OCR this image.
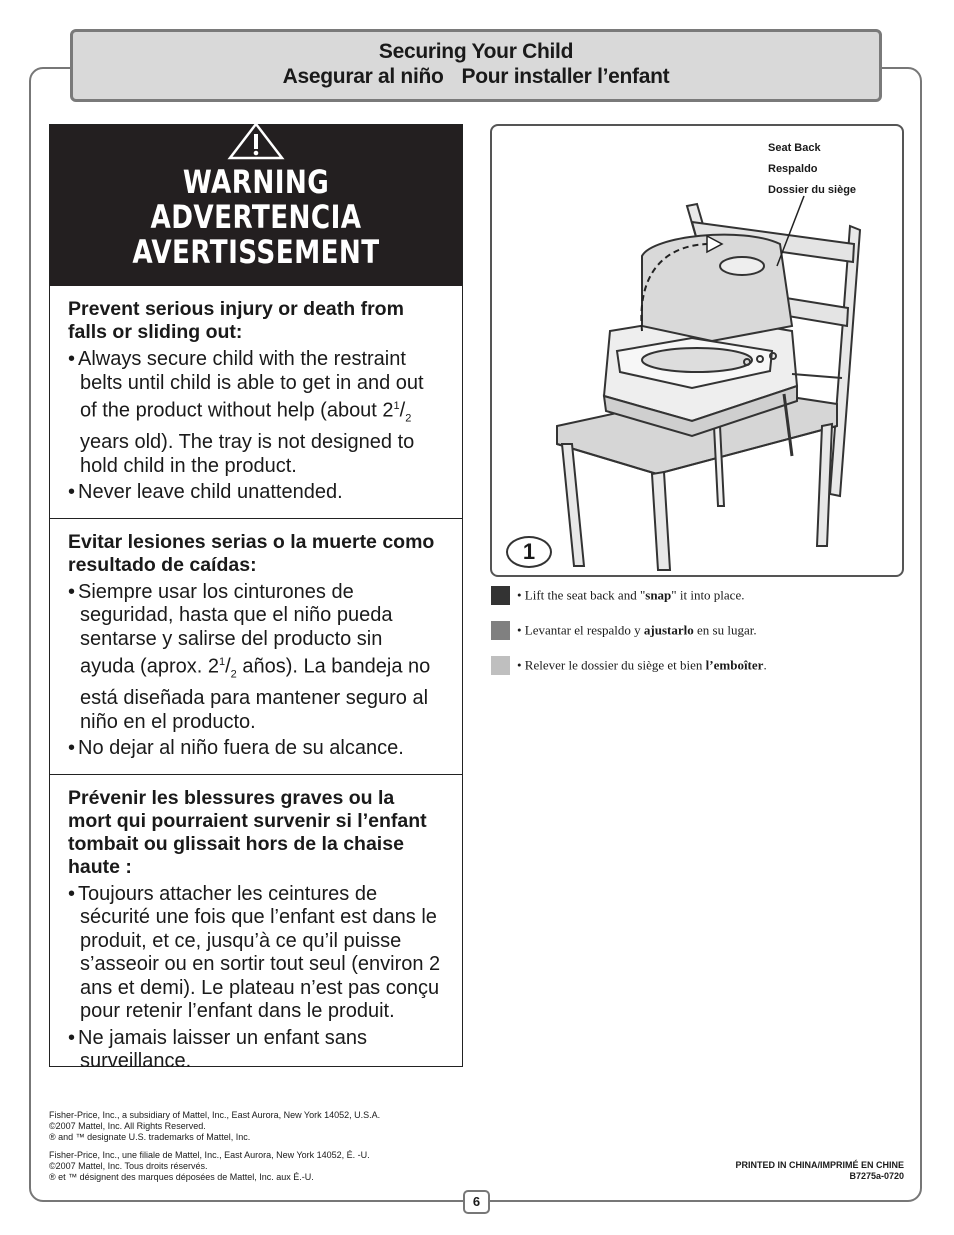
Securing Your Child
Asegurar al niño Pour installer l’enfant
WARNING
ADVERTENCIA
AVERTISSEMENT
Prevent serious injury or death from falls or sliding out:
• Always secure child with the restraint belts until child is able to get in and out of the product without help (about $2^1/_2$ years old). The tray is not designed to hold child in the product.
• Never leave child unattended.
Evitar lesiones serias o la muerte como resultado de caídas:
• Siempre usar los cinturones de seguridad, hasta que el niño pueda sentarse y salirse del producto sin ayuda (aprox. $2^1/_2$ años). La bandeja no está diseñada para mantener seguro al niño en el producto.
• No dejar al niño fuera de su alcance.
Prévenir les blessures graves ou la mort qui pourraient survenir si l’enfant tombait ou glissait hors de la chaise haute :
• Toujours attacher les ceintures de sécurité une fois que l’enfant est dans le produit, et ce, jusqu’à ce qu’il puisse s’asseoir ou en sortir tout seul (environ 2 ans et demi). Le plateau n’est pas conçu pour retenir l’enfant dans le produit.
• Ne jamais laisser un enfant sans surveillance.
Seat Back
Respaldo
Dossier du siège
1
• Lift the seat back and "snap" it into place.
• Levantar el respaldo y ajustarlo en su lugar.
• Relever le dossier du siège et bien l’emboîter.
Fisher-Price, Inc., a subsidiary of Mattel, Inc., East Aurora, New York 14052, U.S.A.
©2007 Mattel, Inc. All Rights Reserved.
® and ™ designate U.S. trademarks of Mattel, Inc.
Fisher-Price, Inc., une filiale de Mattel, Inc., East Aurora, New York 14052, É. -U.
©2007 Mattel, Inc. Tous droits réservés.
® et ™ désignent des marques déposées de Mattel, Inc. aux É.-U.
PRINTED IN CHINA/IMPRIMÉ EN CHINE
B7275a-0720
6
